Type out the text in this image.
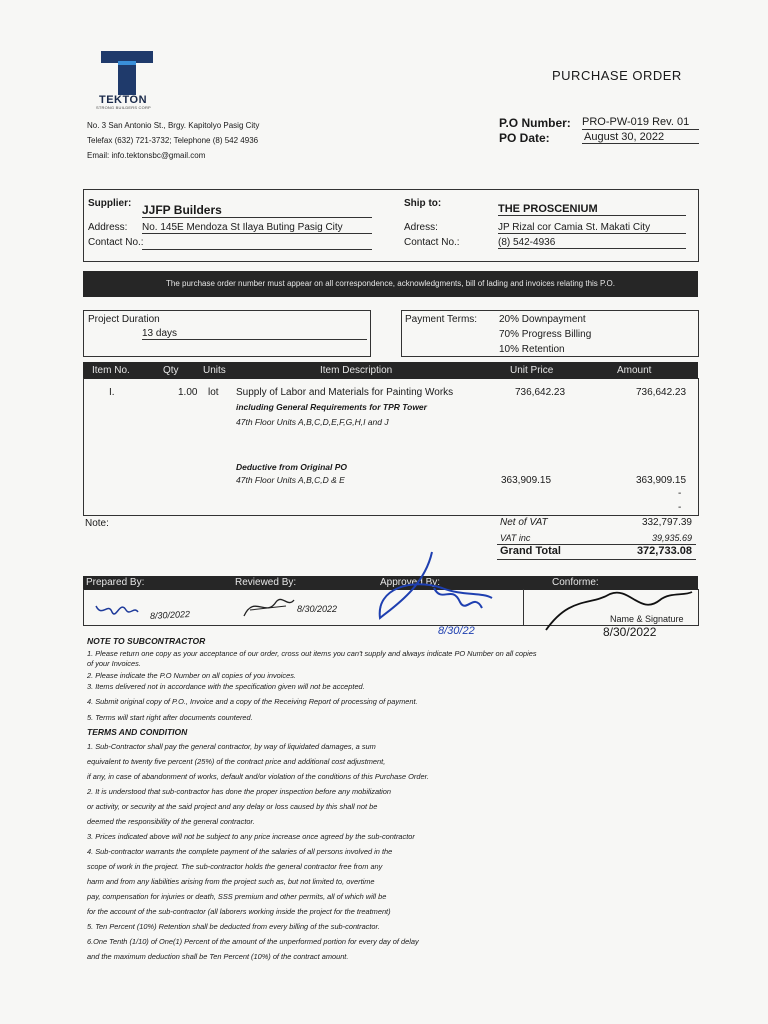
TEKTON
STRONG BUILDERS CORP
No. 3 San Antonio St., Brgy. Kapitolyo Pasig City
Telefax (632) 721-3732; Telephone (8) 542 4936
Email: info.tektonsbc@gmail.com
PURCHASE ORDER
P.O Number: PRO-PW-019 Rev. 01
PO Date:	August 30, 2022
Supplier: JJFP Builders
Address: No. 145E Mendoza St Ilaya Buting Pasig City
Contact No.:
Ship to:	THE PROSCENIUM
Adress:	JP Rizal cor Camia St. Makati City
Contact No.:	(8) 542-4936
The purchase order number must appear on all correspondence, acknowledgments, bill of lading and invoices relating this P.O.
Project Duration
13 days
Payment Terms: 20% Downpayment
70% Progress Billing
10% Retention
Item No.	Qty Units	Item Description	Unit Price	Amount
I.	1.00 lot Supply of Labor and Materials for Painting Works
including General Requirements for TPR Tower
47th Floor Units A,B,C,D,E,F,G,H,I and J
736,642.23	736,642.23
Deductive from Original PO
47th Floor Units A,B,C,D & E	363,909.15	363,909.15
-
-
Note:	Net of VAT	332,797.39
VAT inc	39,935.69
Grand Total	372,733.08
Prepared By:	Reviewed By:	Approved By:	Conforme:
8/30/2022	8/30/2022
8/30/22
Name & Signature
8/30/2022
NOTE TO SUBCONTRACTOR
1. Please return one copy as your acceptance of our order, cross out items you can't supply and always indicate PO Number on all copies
of your Invoices.
2. Please indicate the P.O Number on all copies of you invoices.
3. Items delivered not in accordance with the specification given will not be accepted.
4. Submit original copy of P.O., Invoice and a copy of the Receiving Report of processing of payment.
5. Terms will start right after documents countered.
TERMS AND CONDITION
1. Sub-Contractor shall pay the general contractor, by way of liquidated damages, a sum
equivalent to twenty five percent (25%) of the contract price and additional cost adjustment,
if any, in case of abandonment of works, default and/or violation of the conditions of this Purchase Order.
2. It is understood that sub-contractor has done the proper inspection before any mobilization
or activity, or security at the said project and any delay or loss caused by this shall not be
deemed the responsibility of the general contractor.
3. Prices indicated above will not be subject to any price increase once agreed by the sub-contractor
4. Sub-contractor warrants the complete payment of the salaries of all persons involved in the
scope of work in the project. The sub-contractor holds the general contractor free from any
harm and from any liabilities arising from the project such as, but not limited to, overtime
pay, compensation for injuries or death, SSS premium and other permits, all of which will be
for the account of the sub-contractor (all laborers working inside the project for the treatment)
5. Ten Percent (10%) Retention shall be deducted from every billing of the sub-contractor.
6.One Tenth (1/10) of One(1) Percent of the amount of the unperformed portion for every day of delay
and the maximum deduction shall be Ten Percent (10%) of the contract amount.
